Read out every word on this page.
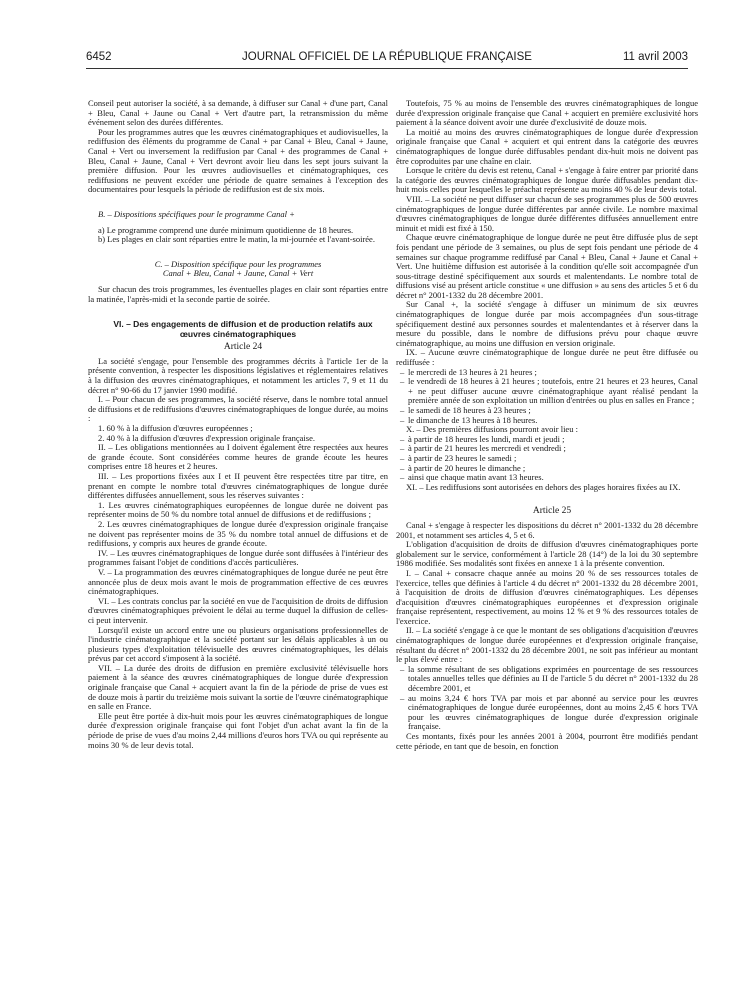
6452	JOURNAL OFFICIEL DE LA RÉPUBLIQUE FRANÇAISE	11 avril 2003

Conseil peut autoriser la société, à sa demande, à diffuser sur Canal + d'une part, Canal + Bleu, Canal + Jaune ou Canal + Vert d'autre part, la retransmission du même événement selon des durées différentes.

Pour les programmes autres que les œuvres cinématographiques et audiovisuelles, la rediffusion des éléments du programme de Canal + par Canal + Bleu, Canal + Jaune, Canal + Vert ou inversement la rediffusion par Canal + des programmes de Canal + Bleu, Canal + Jaune, Canal + Vert devront avoir lieu dans les sept jours suivant la première diffusion. Pour les œuvres audiovisuelles et cinématographiques, ces rediffusions ne peuvent excéder une période de quatre semaines à l'exception des documentaires pour lesquels la période de rediffusion est de six mois.

B. – Dispositions spécifiques pour le programme Canal +

a) Le programme comprend une durée minimum quotidienne de 18 heures.

b) Les plages en clair sont réparties entre le matin, la mi-journée et l'avant-soirée.

C. – Disposition spécifique pour les programmes

Canal + Bleu, Canal + Jaune, Canal + Vert

Sur chacun des trois programmes, les éventuelles plages en clair sont réparties entre la matinée, l'après-midi et la seconde partie de soirée.

VI. – Des engagements de diffusion et de production relatifs aux œuvres cinématographiques

Article 24

La société s'engage, pour l'ensemble des programmes décrits à l'article 1er de la présente convention, à respecter les dispositions législatives et réglementaires relatives à la diffusion des œuvres cinématographiques, et notamment les articles 7, 9 et 11 du décret n° 90-66 du 17 janvier 1990 modifié.

I. – Pour chacun de ses programmes, la société réserve, dans le nombre total annuel de diffusions et de rediffusions d'œuvres cinématographiques de longue durée, au moins :

1. 60 % à la diffusion d'œuvres européennes ;

2. 40 % à la diffusion d'œuvres d'expression originale française.

II. – Les obligations mentionnées au I doivent également être respectées aux heures de grande écoute. Sont considérées comme heures de grande écoute les heures comprises entre 18 heures et 2 heures.

III. – Les proportions fixées aux I et II peuvent être respectées titre par titre, en prenant en compte le nombre total d'œuvres cinématographiques de longue durée différentes diffusées annuellement, sous les réserves suivantes :

1. Les œuvres cinématographiques européennes de longue durée ne doivent pas représenter moins de 50 % du nombre total annuel de diffusions et de rediffusions ;

2. Les œuvres cinématographiques de longue durée d'expression originale française ne doivent pas représenter moins de 35 % du nombre total annuel de diffusions et de rediffusions, y compris aux heures de grande écoute.

IV. – Les œuvres cinématographiques de longue durée sont diffusées à l'intérieur des programmes faisant l'objet de conditions d'accès particulières.

V. – La programmation des œuvres cinématographiques de longue durée ne peut être annoncée plus de deux mois avant le mois de programmation effective de ces œuvres cinématographiques.

VI. – Les contrats conclus par la société en vue de l'acquisition de droits de diffusion d'œuvres cinématographiques prévoient le délai au terme duquel la diffusion de celles-ci peut intervenir.

Lorsqu'il existe un accord entre une ou plusieurs organisations professionnelles de l'industrie cinématographique et la société portant sur les délais applicables à un ou plusieurs types d'exploitation télévisuelle des œuvres cinématographiques, les délais prévus par cet accord s'imposent à la société.

VII. – La durée des droits de diffusion en première exclusivité télévisuelle hors paiement à la séance des œuvres cinématographiques de longue durée d'expression originale française que Canal + acquiert avant la fin de la période de prise de vues est de douze mois à partir du treizième mois suivant la sortie de l'œuvre cinématographique en salle en France.

Elle peut être portée à dix-huit mois pour les œuvres cinématographiques de longue durée d'expression originale française qui font l'objet d'un achat avant la fin de la période de prise de vues d'au moins 2,44 millions d'euros hors TVA ou qui représente au moins 30 % de leur devis total.

Toutefois, 75 % au moins de l'ensemble des œuvres cinématographiques de longue durée d'expression originale française que Canal + acquiert en première exclusivité hors paiement à la séance doivent avoir une durée d'exclusivité de douze mois.

La moitié au moins des œuvres cinématographiques de longue durée d'expression originale française que Canal + acquiert et qui entrent dans la catégorie des œuvres cinématographiques de longue durée diffusables pendant dix-huit mois ne doivent pas être coproduites par une chaîne en clair.

Lorsque le critère du devis est retenu, Canal + s'engage à faire entrer par priorité dans la catégorie des œuvres cinématographiques de longue durée diffusables pendant dix-huit mois celles pour lesquelles le préachat représente au moins 40 % de leur devis total.

VIII. – La société ne peut diffuser sur chacun de ses programmes plus de 500 œuvres cinématographiques de longue durée différentes par année civile. Le nombre maximal d'œuvres cinématographiques de longue durée différentes diffusées annuellement entre minuit et midi est fixé à 150.

Chaque œuvre cinématographique de longue durée ne peut être diffusée plus de sept fois pendant une période de 3 semaines, ou plus de sept fois pendant une période de 4 semaines sur chaque programme rediffusé par Canal + Bleu, Canal + Jaune et Canal + Vert. Une huitième diffusion est autorisée à la condition qu'elle soit accompagnée d'un sous-titrage destiné spécifiquement aux sourds et malentendants. Le nombre total de diffusions visé au présent article constitue « une diffusion » au sens des articles 5 et 6 du décret n° 2001-1332 du 28 décembre 2001.

Sur Canal +, la société s'engage à diffuser un minimum de six œuvres cinématographiques de longue durée par mois accompagnées d'un sous-titrage spécifiquement destiné aux personnes sourdes et malentendantes et à réserver dans la mesure du possible, dans le nombre de diffusions prévu pour chaque œuvre cinématographique, au moins une diffusion en version originale.

IX. – Aucune œuvre cinématographique de longue durée ne peut être diffusée ou rediffusée :

– le mercredi de 13 heures à 21 heures ;

– le vendredi de 18 heures à 21 heures ; toutefois, entre 21 heures et 23 heures, Canal + ne peut diffuser aucune œuvre cinématographique ayant réalisé pendant la première année de son exploitation un million d'entrées ou plus en salles en France ;

– le samedi de 18 heures à 23 heures ;

– le dimanche de 13 heures à 18 heures.

X. – Des premières diffusions pourront avoir lieu :

– à partir de 18 heures les lundi, mardi et jeudi ;

– à partir de 21 heures les mercredi et vendredi ;

– à partir de 23 heures le samedi ;

– à partir de 20 heures le dimanche ;

– ainsi que chaque matin avant 13 heures.

XI. – Les rediffusions sont autorisées en dehors des plages horaires fixées au IX.

Article 25

Canal + s'engage à respecter les dispositions du décret n° 2001-1332 du 28 décembre 2001, et notamment ses articles 4, 5 et 6.

L'obligation d'acquisition de droits de diffusion d'œuvres cinématographiques porte globalement sur le service, conformément à l'article 28 (14°) de la loi du 30 septembre 1986 modifiée. Ses modalités sont fixées en annexe 1 à la présente convention.

I. – Canal + consacre chaque année au moins 20 % de ses ressources totales de l'exercice, telles que définies à l'article 4 du décret n° 2001-1332 du 28 décembre 2001, à l'acquisition de droits de diffusion d'œuvres cinématographiques. Les dépenses d'acquisition d'œuvres cinématographiques européennes et d'expression originale française représentent, respectivement, au moins 12 % et 9 % des ressources totales de l'exercice.

II. – La société s'engage à ce que le montant de ses obligations d'acquisition d'œuvres cinématographiques de longue durée européennes et d'expression originale française, résultant du décret n° 2001-1332 du 28 décembre 2001, ne soit pas inférieur au montant le plus élevé entre :

– la somme résultant de ses obligations exprimées en pourcentage de ses ressources totales annuelles telles que définies au II de l'article 5 du décret n° 2001-1332 du 28 décembre 2001, et

– au moins 3,24 € hors TVA par mois et par abonné au service pour les œuvres cinématographiques de longue durée européennes, dont au moins 2,45 € hors TVA pour les œuvres cinématographiques de longue durée d'expression originale française.

Ces montants, fixés pour les années 2001 à 2004, pourront être modifiés pendant cette période, en tant que de besoin, en fonction
